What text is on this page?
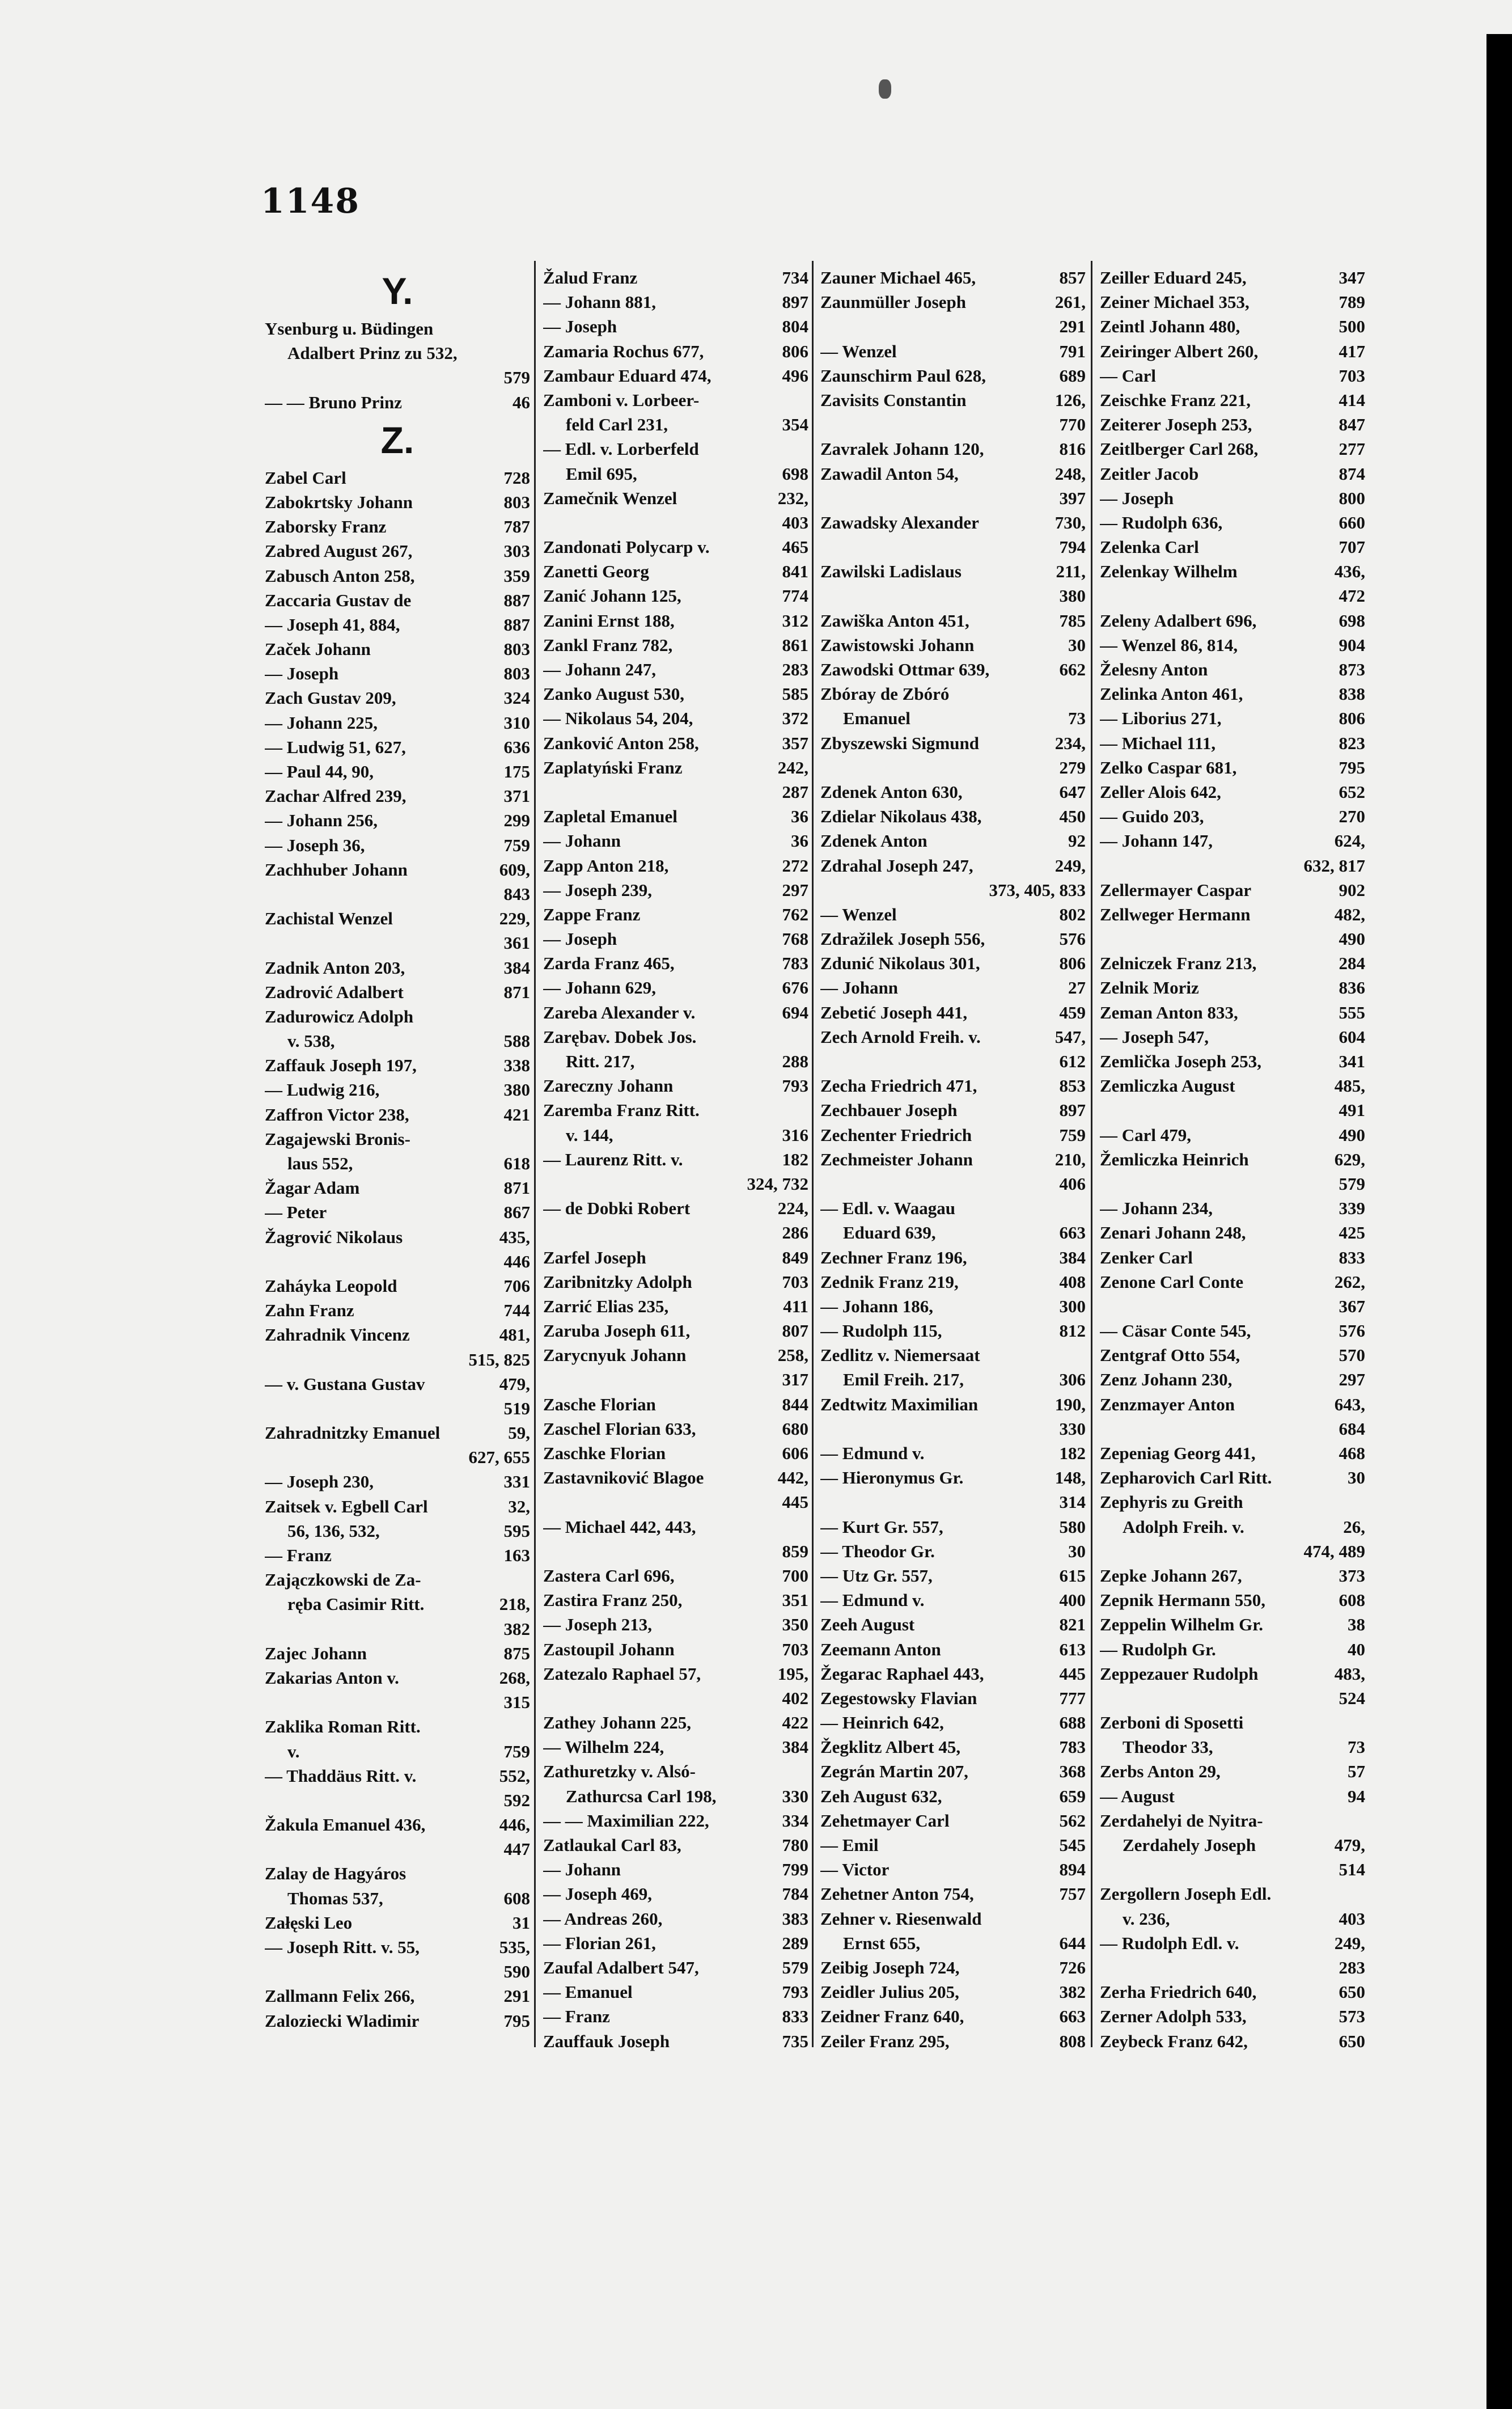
1148
Y.
Ysenburg u. Büdingen
Adalbert Prinz zu 532,
579
— — Bruno Prinz	46
Z.
Zabel Carl	728
Zabokrtsky Johann	803
Zaborsky Franz	787
Zabred August 267,	303
Zabusch Anton 258,	359
Zaccaria Gustav de	887
— Joseph 41, 884,	887
Začek Johann	803
— Joseph	803
Zach Gustav 209,	324
— Johann 225,	310
— Ludwig 51, 627,	636
— Paul 44, 90,	175
Zachar Alfred 239,	371
— Johann 256,	299
— Joseph 36,	759
Zachhuber Johann	609,
843
Zachistal Wenzel	229,
361
Zadnik Anton 203,	384
Zadrović Adalbert	871
Zadurowicz Adolph
v. 538,	588
Zaffauk Joseph 197,	338
— Ludwig 216,	380
Zaffron Victor 238,	421
Zagajewski Bronis-
laus 552,	618
Žagar Adam	871
— Peter	867
Žagrović Nikolaus	435,
446
Zaháyka Leopold	706
Zahn Franz	744
Zahradnik Vincenz	481,
515, 825
— v. Gustana Gustav	479,
519
Zahradnitzky Emanuel	59,
627, 655
— Joseph 230,	331
Zaitsek v. Egbell Carl	32,
56, 136, 532,	595
— Franz	163
Zajączkowski de Za-
ręba Casimir Ritt.	218,
382
Zajec Johann	875
Zakarias Anton v.	268,
315
Zaklika Roman Ritt.
v.	759
— Thaddäus Ritt. v.	552,
592
Žakula Emanuel 436,	446,
447
Zalay de Hagyáros
Thomas 537,	608
Załęski Leo	31
— Joseph Ritt. v. 55,	535,
590
Zallmann Felix 266,	291
Zaloziecki Wladimir	795
Žalud Franz	734
— Johann 881,	897
— Joseph	804
Zamaria Rochus 677,	806
Zambaur Eduard 474,	496
Zamboni v. Lorbeer-
feld Carl 231,	354
— Edl. v. Lorberfeld
Emil 695,	698
Zamečnik Wenzel	232,
403
Zandonati Polycarp v.	465
Zanetti Georg	841
Zanić Johann 125,	774
Zanini Ernst 188,	312
Zankl Franz 782,	861
— Johann 247,	283
Zanko August 530,	585
— Nikolaus 54, 204,	372
Zanković Anton 258,	357
Zaplatyński Franz	242,
287
Zapletal Emanuel	36
— Johann	36
Zapp Anton 218,	272
— Joseph 239,	297
Zappe Franz	762
— Joseph	768
Zarda Franz 465,	783
— Johann 629,	676
Zareba Alexander v.	694
Zarębav. Dobek Jos.
Ritt. 217,	288
Zareczny Johann	793
Zaremba Franz Ritt.
v. 144,	316
— Laurenz Ritt. v.	182
324, 732
— de Dobki Robert	224,
286
Zarfel Joseph	849
Zaribnitzky Adolph	703
Zarrić Elias 235,	411
Zaruba Joseph 611,	807
Zarycnyuk Johann	258,
317
Zasche Florian	844
Zaschel Florian 633,	680
Zaschke Florian	606
Zastavniković Blagoe	442,
445
— Michael 442, 443,
859
Zastera Carl 696,	700
Zastira Franz 250,	351
— Joseph 213,	350
Zastoupil Johann	703
Zatezalo Raphael 57,	195,
402
Zathey Johann 225,	422
— Wilhelm 224,	384
Zathuretzky v. Alsó-
Zathurcsa Carl 198,	330
— — Maximilian 222,	334
Zatlaukal Carl 83,	780
— Johann	799
— Joseph 469,	784
— Andreas 260,	383
— Florian 261,	289
Zaufal Adalbert 547,	579
— Emanuel	793
— Franz	833
Zauffauk Joseph	735
Zauner Michael 465,	857
Zaunmüller Joseph	261,
291
— Wenzel	791
Zaunschirm Paul 628,	689
Zavisits Constantin	126,
770
Zavralek Johann 120,	816
Zawadil Anton 54,	248,
397
Zawadsky Alexander	730,
794
Zawilski Ladislaus	211,
380
Zawiška Anton 451,	785
Zawistowski Johann	30
Zawodski Ottmar 639,	662
Zbóray de Zbóró
Emanuel	73
Zbyszewski Sigmund	234,
279
Zdenek Anton 630,	647
Zdielar Nikolaus 438,	450
Zdenek Anton	92
Zdrahal Joseph 247,	249,
373, 405, 833
— Wenzel	802
Zdražilek Joseph 556,	576
Zdunić Nikolaus 301,	806
— Johann	27
Zebetić Joseph 441,	459
Zech Arnold Freih. v.	547,
612
Zecha Friedrich 471,	853
Zechbauer Joseph	897
Zechenter Friedrich	759
Zechmeister Johann	210,
406
— Edl. v. Waagau
Eduard 639,	663
Zechner Franz 196,	384
Zednik Franz 219,	408
— Johann 186,	300
— Rudolph 115,	812
Zedlitz v. Niemersaat
Emil Freih. 217,	306
Zedtwitz Maximilian	190,
330
— Edmund v.	182
— Hieronymus Gr.	148,
314
— Kurt Gr. 557,	580
— Theodor Gr.	30
— Utz Gr. 557,	615
— Edmund v.	400
Zeeh August	821
Zeemann Anton	613
Žegarac Raphael 443,	445
Zegestowsky Flavian	777
— Heinrich 642,	688
Žegklitz Albert 45,	783
Zegrán Martin 207,	368
Zeh August 632,	659
Zehetmayer Carl	562
— Emil	545
— Victor	894
Zehetner Anton 754,	757
Zehner v. Riesenwald
Ernst 655,	644
Zeibig Joseph 724,	726
Zeidler Julius 205,	382
Zeidner Franz 640,	663
Zeiler Franz 295,	808
Zeiller Eduard 245,	347
Zeiner Michael 353,	789
Zeintl Johann 480,	500
Zeiringer Albert 260,	417
— Carl	703
Zeischke Franz 221,	414
Zeiterer Joseph 253,	847
Zeitlberger Carl 268,	277
Zeitler Jacob	874
— Joseph	800
— Rudolph 636,	660
Zelenka Carl	707
Zelenkay Wilhelm	436,
472
Zeleny Adalbert 696,	698
— Wenzel 86, 814,	904
Želesny Anton	873
Zelinka Anton 461,	838
— Liborius 271,	806
— Michael 111,	823
Zelko Caspar 681,	795
Zeller Alois 642,	652
— Guido 203,	270
— Johann 147,	624,
632, 817
Zellermayer Caspar	902
Zellweger Hermann	482,
490
Zelniczek Franz 213,	284
Zelnik Moriz	836
Zeman Anton 833,	555
— Joseph 547,	604
Zemlička Joseph 253,	341
Zemliczka August	485,
491
— Carl 479,	490
Žemliczka Heinrich	629,
579
— Johann 234,	339
Zenari Johann 248,	425
Zenker Carl	833
Zenone Carl Conte	262,
367
— Cäsar Conte 545,	576
Zentgraf Otto 554,	570
Zenz Johann 230,	297
Zenzmayer Anton	643,
684
Zepeniag Georg 441,	468
Zepharovich Carl Ritt.	30
Zephyris zu Greith
Adolph Freih. v.	26,
474, 489
Zepke Johann 267,	373
Zepnik Hermann 550,	608
Zeppelin Wilhelm Gr.	38
— Rudolph Gr.	40
Zeppezauer Rudolph	483,
524
Zerboni di Sposetti
Theodor 33,	73
Zerbs Anton 29,	57
— August	94
Zerdahelyi de Nyitra-
Zerdahely Joseph	479,
514
Zergollern Joseph Edl.
v. 236,	403
— Rudolph Edl. v.	249,
283
Zerha Friedrich 640,	650
Zerner Adolph 533,	573
Zeybeck Franz 642,	650
